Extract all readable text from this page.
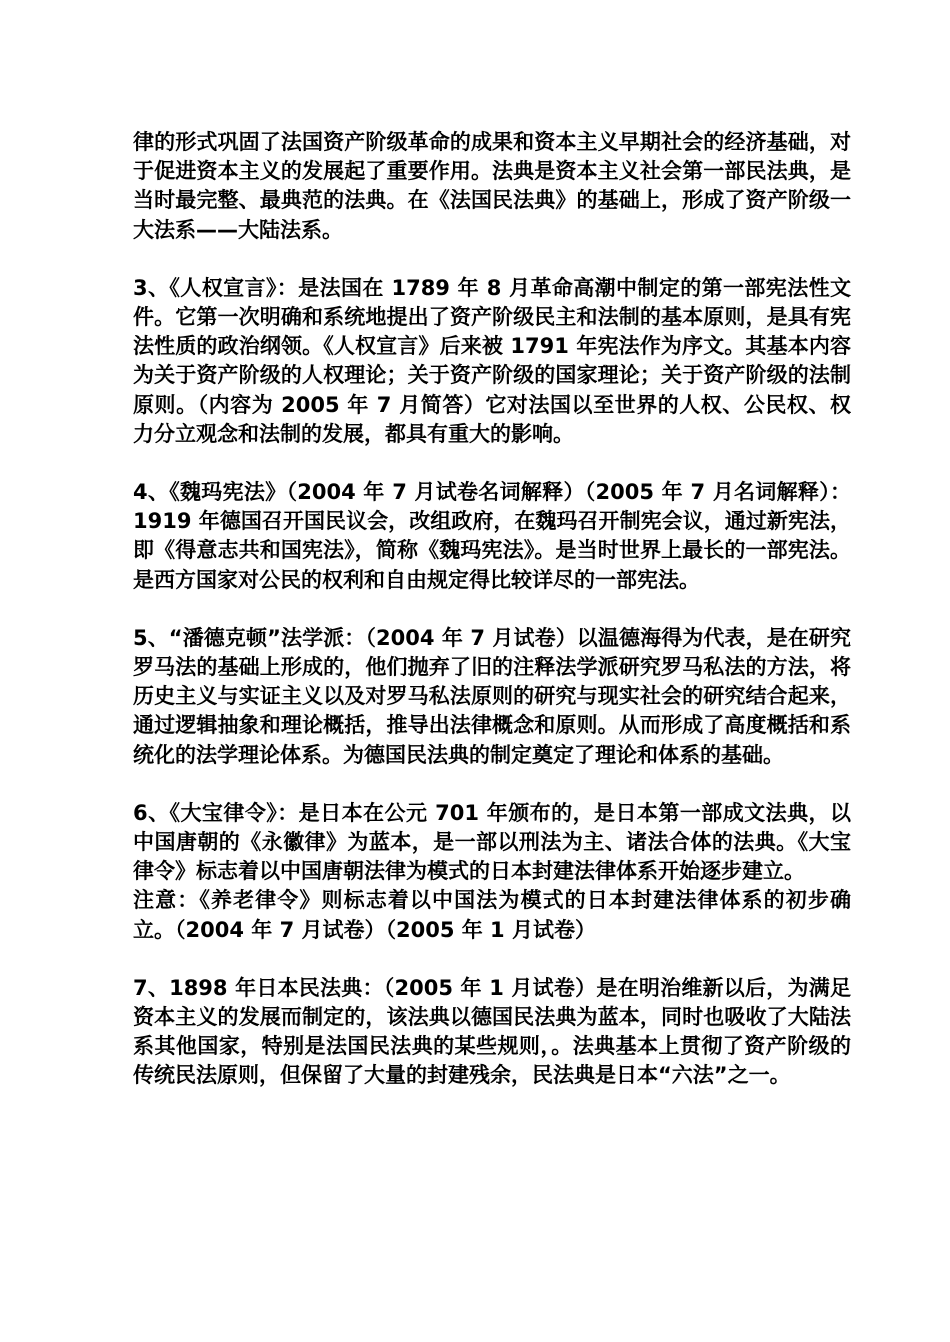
律的形式巩固了法国资产阶级革命的成果和资本主义早期社会的经济基础，对于促进资本主义的发展起了重要作用。法典是资本主义社会第一部民法典，是当时最完整、最典范的法典。在《法国民法典》的基础上，形成了资产阶级一大法系——大陆法系。

3、《人权宣言》：是法国在 1789 年 8 月革命高潮中制定的第一部宪法性文件。它第一次明确和系统地提出了资产阶级民主和法制的基本原则，是具有宪法性质的政治纲领。《人权宣言》后来被 1791 年宪法作为序文。其基本内容为关于资产阶级的人权理论；关于资产阶级的国家理论；关于资产阶级的法制原则。（内容为 2005 年 7 月简答）它对法国以至世界的人权、公民权、权力分立观念和法制的发展，都具有重大的影响。

4、《魏玛宪法》（2004 年 7 月试卷名词解释）（2005 年 7 月名词解释）：1919 年德国召开国民议会，改组政府，在魏玛召开制宪会议，通过新宪法，即《得意志共和国宪法》，简称《魏玛宪法》。是当时世界上最长的一部宪法。是西方国家对公民的权利和自由规定得比较详尽的一部宪法。

5、“潘德克顿”法学派：（2004 年 7 月试卷）以温德海得为代表，是在研究罗马法的基础上形成的，他们抛弃了旧的注释法学派研究罗马私法的方法，将历史主义与实证主义以及对罗马私法原则的研究与现实社会的研究结合起来，通过逻辑抽象和理论概括，推导出法律概念和原则。从而形成了高度概括和系统化的法学理论体系。为德国民法典的制定奠定了理论和体系的基础。

6、《大宝律令》：是日本在公元 701 年颁布的，是日本第一部成文法典，以中国唐朝的《永徽律》为蓝本，是一部以刑法为主、诸法合体的法典。《大宝律令》标志着以中国唐朝法律为模式的日本封建法律体系开始逐步建立。

注意：《养老律令》则标志着以中国法为模式的日本封建法律体系的初步确立。（2004 年 7 月试卷）（2005 年 1 月试卷）

7、1898 年日本民法典：（2005 年 1 月试卷）是在明治维新以后，为满足资本主义的发展而制定的，该法典以德国民法典为蓝本，同时也吸收了大陆法系其他国家，特别是法国民法典的某些规则，。法典基本上贯彻了资产阶级的传统民法原则，但保留了大量的封建残余，民法典是日本“六法”之一。
